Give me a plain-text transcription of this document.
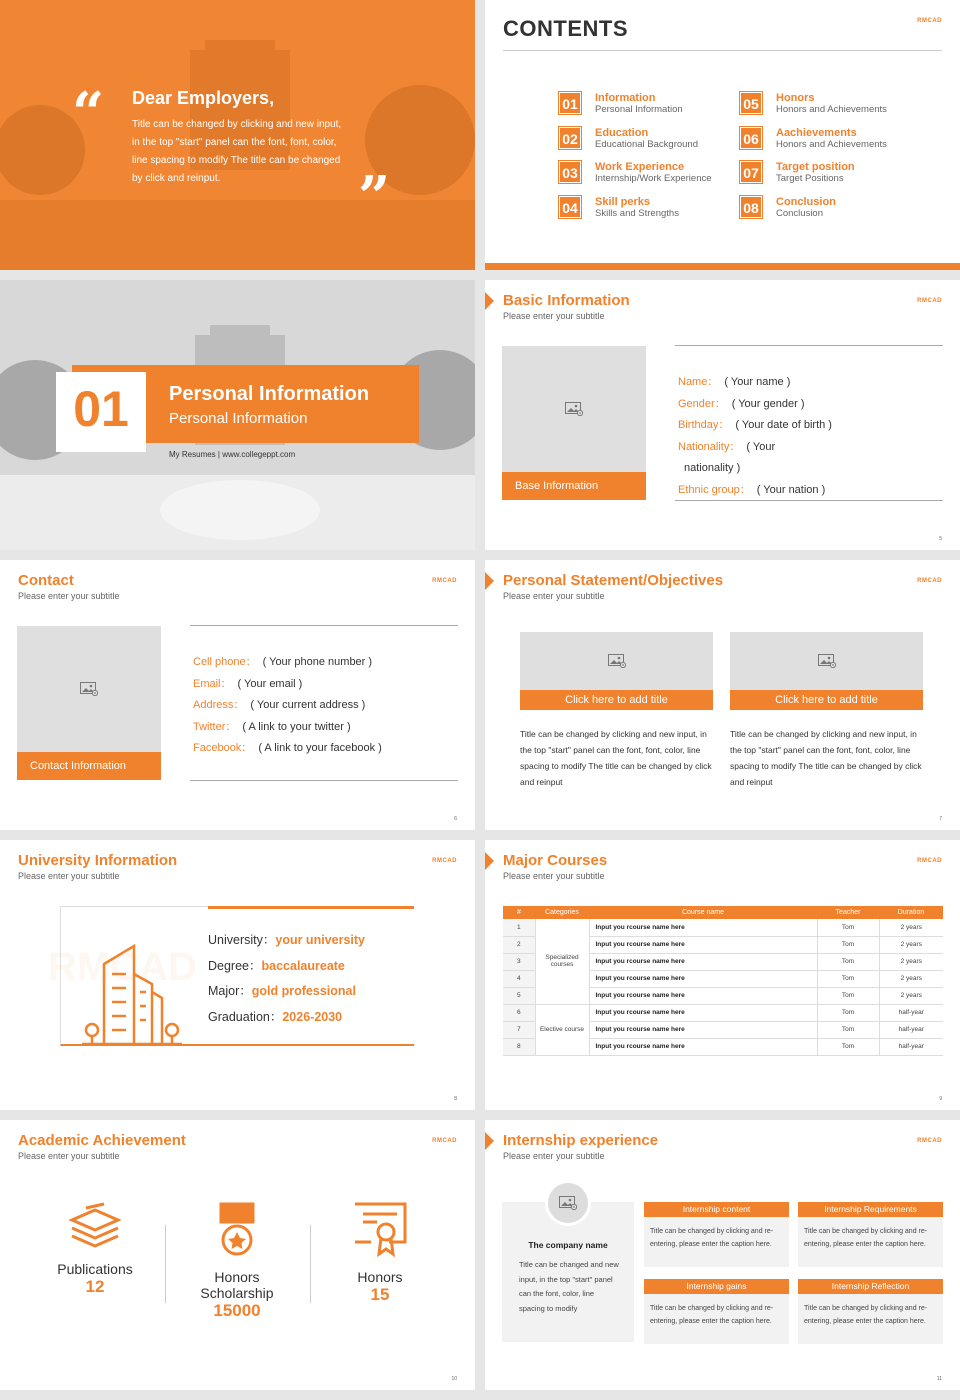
“ Dear Employers,
Title can be changed by clicking and new input, in the top "start" panel can the font, font, color, line spacing to modify The title can be changed by click and reinput.	”
CONTENTS	RMCAD
01 Information
Personal Information
02 Education
Educational Background
03 Work Experience
Internship/Work Experience
04 Skill perks
Skills and Strengths
05 Honors
Honors and Achievements
06 Aachievements
Honors and Achievements
07 Target position
Target Positions
08 Conclusion
Conclusion
01	Personal Information
Personal Information
My Resumes | www.collegeppt.com
Basic Information
Please enter your subtitle
RMCAD
Base Information
Name： ( Your name )
Gender： ( Your gender )
Birthday： ( Your date of birth )
Nationality： ( Your
nationality )
Ethnic group： ( Your nation )
5
Contact
Please enter your subtitle
RMCAD
Contact Information
Cell phone： ( Your phone number )
Email： ( Your email )
Address： ( Your current address )
Twitter： ( A link to your twitter )
Facebook： ( A link to your facebook )
6
Personal Statement/Objectives
Please enter your subtitle
RMCAD
Click here to add title
Title can be changed by clicking and new input, in the top "start" panel can the font, font, color, line spacing to modify The title can be changed by click and reinput
Click here to add title
Title can be changed by clicking and new input, in the top "start" panel can the font, font, color, line spacing to modify The title can be changed by click and reinput
7
University Information
Please enter your subtitle
RMCAD
RMCAD
University：your university
Degree：baccalaureate
Major：gold professional
Graduation：2026-2030
8
Major Courses
Please enter your subtitle
RMCAD
#	Categories	Course name	Teacher	Duration
1	Specialized courses	Input you rcourse name here	Tom	2 years
2		Input you rcourse name here	Tom	2 years
3		Input you rcourse name here	Tom	2 years
4		Input you rcourse name here	Tom	2 years
5		Input you rcourse name here	Tom	2 years
6	Elective course	Input you rcourse name here	Tom	half-year
7		Input you rcourse name here	Tom	half-year
8		Input you rcourse name here	Tom	half-year
9
Academic Achievement
Please enter your subtitle
RMCAD
Publications
12	Honors Scholarship
15000
Honors
15
10
Internship experience
Please enter your subtitle
RMCAD
The company name
Title can be changed and new input, in the top "start" panel can the font, color, line spacing to modify
Internship content
Title can be changed by clicking and re-entering, please enter the caption here.
Internship Requirements
Title can be changed by clicking and re-entering, please enter the caption here.
Internship gains
Title can be changed by clicking and re-entering, please enter the caption here.
Internship Reflection
Title can be changed by clicking and re-entering, please enter the caption here.
11
